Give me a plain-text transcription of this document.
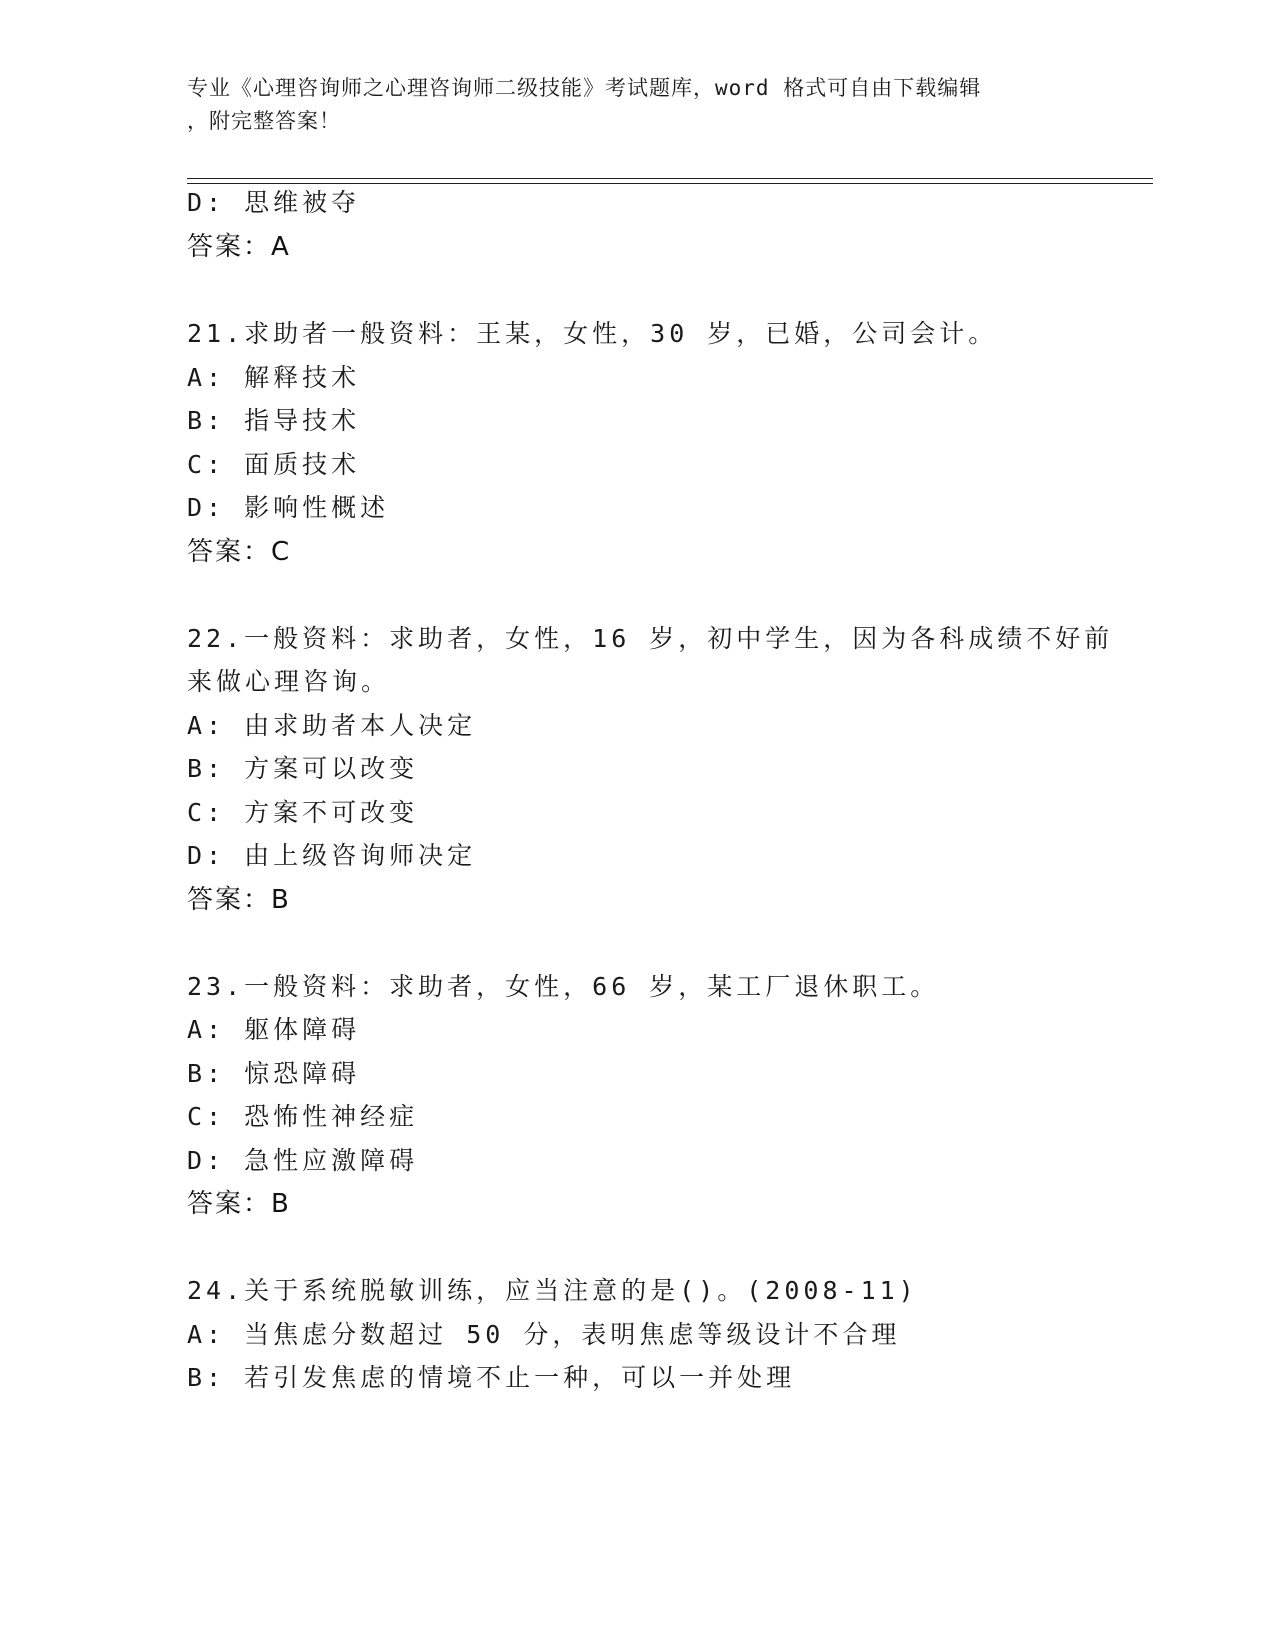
专业《心理咨询师之心理咨询师二级技能》考试题库，word 格式可自由下载编辑
，附完整答案！
D: 思维被夺
答案：A
21.求助者一般资料：王某，女性，30 岁，已婚，公司会计。
A: 解释技术
B: 指导技术
C: 面质技术
D: 影响性概述
答案：C
22.一般资料：求助者，女性，16 岁，初中学生，因为各科成绩不好前
来做心理咨询。
A: 由求助者本人决定
B: 方案可以改变
C: 方案不可改变
D: 由上级咨询师决定
答案：B
23.一般资料：求助者，女性，66 岁，某工厂退休职工。
A: 躯体障碍
B: 惊恐障碍
C: 恐怖性神经症
D: 急性应激障碍
答案：B
24.关于系统脱敏训练，应当注意的是()。(2008-11)
A: 当焦虑分数超过 50 分，表明焦虑等级设计不合理
B: 若引发焦虑的情境不止一种，可以一并处理
